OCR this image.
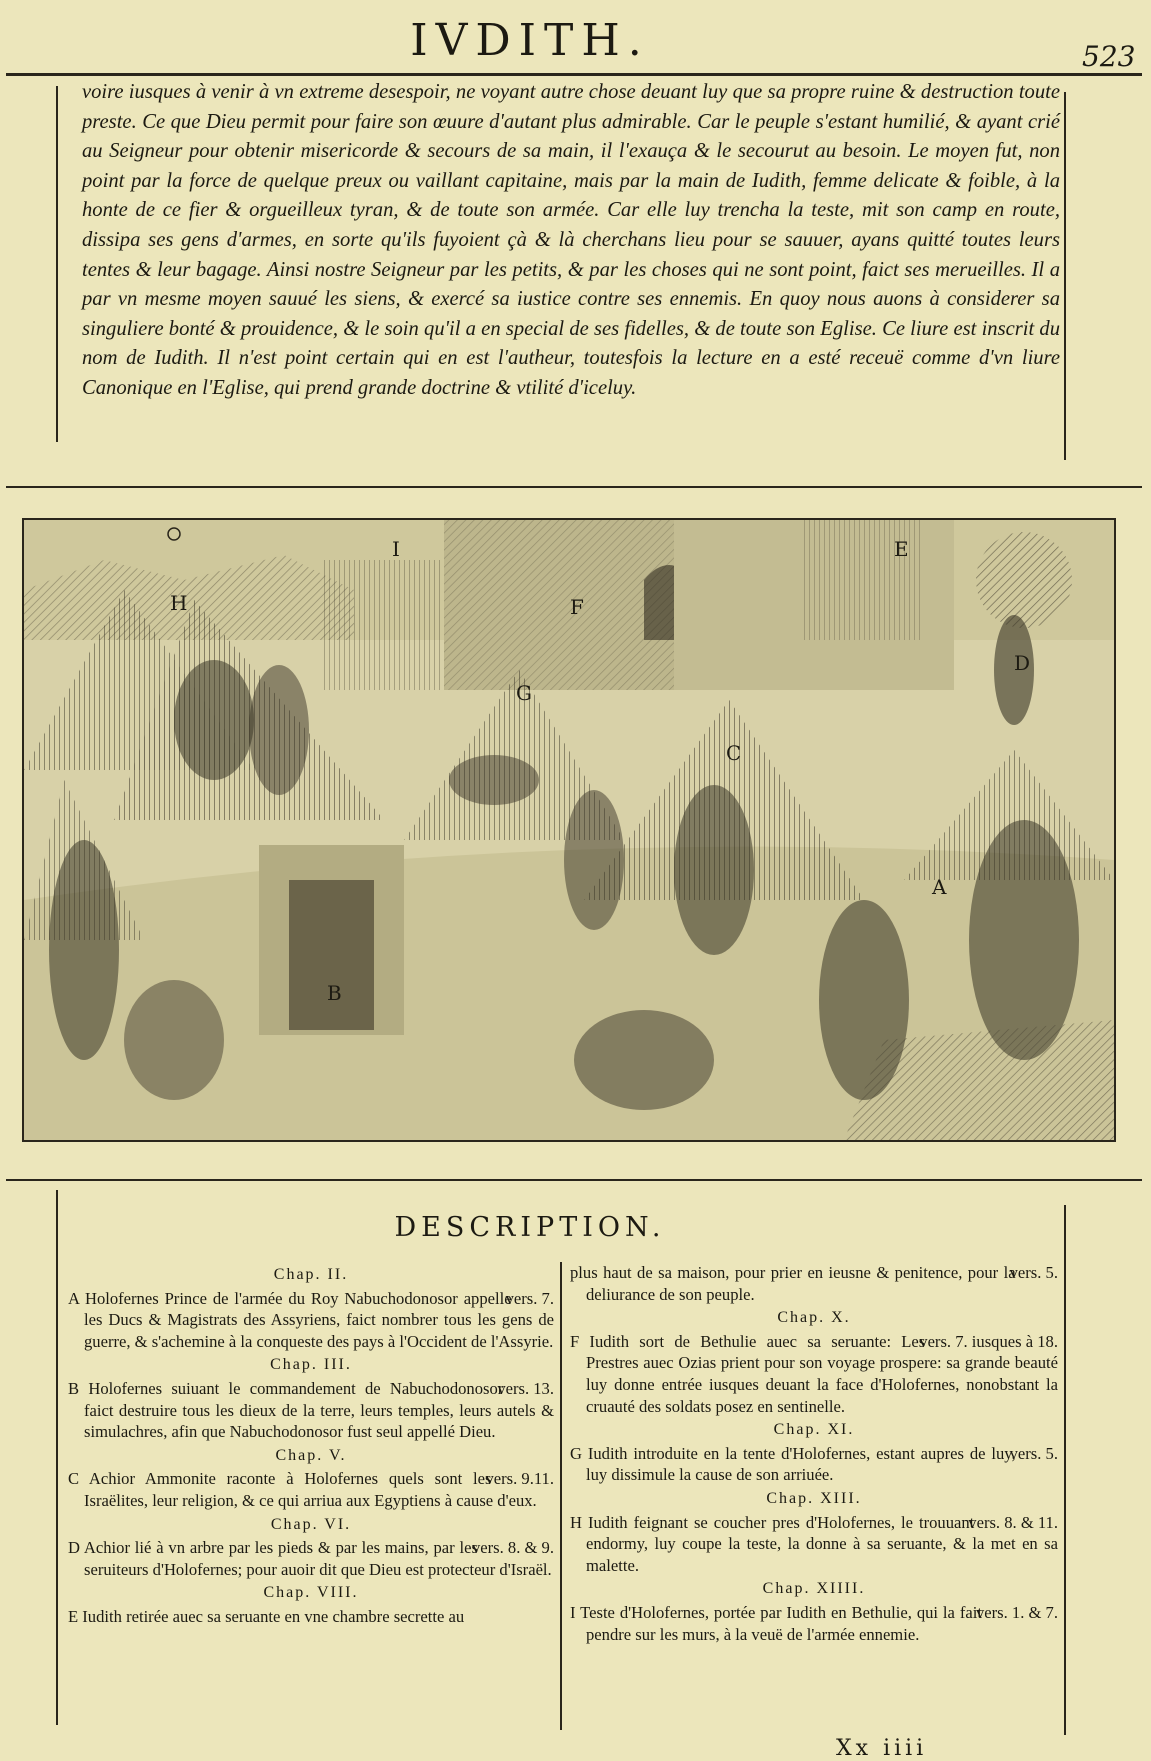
IVDITH.	523

voire iusques à venir à vn extreme desespoir, ne voyant autre chose deuant luy que sa propre ruine & destruction toute preste. Ce que Dieu permit pour faire son œuure d'autant plus admirable. Car le peuple s'estant humilié, & ayant crié au Seigneur pour obtenir misericorde & secours de sa main, il l'exauça & le secourut au besoin. Le moyen fut, non point par la force de quelque preux ou vaillant capitaine, mais par la main de Iudith, femme delicate & foible, à la honte de ce fier & orgueilleux tyran, & de toute son armée. Car elle luy trencha la teste, mit son camp en route, dissipa ses gens d'armes, en sorte qu'ils fuyoient çà & là cherchans lieu pour se sauuer, ayans quitté toutes leurs tentes & leur bagage. Ainsi nostre Seigneur par les petits, & par les choses qui ne sont point, faict ses merueilles. Il a par vn mesme moyen sauué les siens, & exercé sa iustice contre ses ennemis. En quoy nous auons à considerer sa singuliere bonté & prouidence, & le soin qu'il a en special de ses fidelles, & de toute son Eglise. Ce liure est inscrit du nom de Iudith. Il n'est point certain qui en est l'autheur, toutesfois la lecture en a esté receuë comme d'vn liure Canonique en l'Eglise, qui prend grande doctrine & vtilité d'iceluy.

A
B
C
D
E
F
G
H
I
DESCRIPTION.
Chap. II.

vers. 7.
A Holofernes Prince de l'armée du Roy Nabuchodonosor appelle les Ducs & Magistrats des Assyriens, faict nombrer tous les gens de guerre, & s'achemine à la conqueste des pays à l'Occident de l'Assyrie.

Chap. III.

vers. 13.
B Holofernes suiuant le commandement de Nabuchodonosor faict destruire tous les dieux de la terre, leurs temples, leurs autels & simulachres, afin que Nabuchodonosor fust seul appellé Dieu.

Chap. V.

vers. 9.11.
C Achior Ammonite raconte à Holofernes quels sont les Israëlites, leur religion, & ce qui arriua aux Egyptiens à cause d'eux.

Chap. VI.

vers. 8. & 9.
D Achior lié à vn arbre par les pieds & par les mains, par les seruiteurs d'Holofernes; pour auoir dit que Dieu est protecteur d'Israël.

Chap. VIII.

E Iudith retirée auec sa seruante en vne chambre secrette au

vers. 5.
plus haut de sa maison, pour prier en ieusne & penitence, pour la deliurance de son peuple.

Chap. X.

vers. 7. iusques à 18.
F Iudith sort de Bethulie auec sa seruante: Les Prestres auec Ozias prient pour son voyage prospere: sa grande beauté luy donne entrée iusques deuant la face d'Holofernes, nonobstant la cruauté des soldats posez en sentinelle.

Chap. XI.

vers. 5.
G Iudith introduite en la tente d'Holofernes, estant aupres de luy, luy dissimule la cause de son arriuée.

Chap. XIII.

vers. 8. & 11.
H Iudith feignant se coucher pres d'Holofernes, le trouuant endormy, luy coupe la teste, la donne à sa seruante, & la met en sa malette.

Chap. XIIII.

vers. 1. & 7.
I Teste d'Holofernes, portée par Iudith en Bethulie, qui la fait pendre sur les murs, à la veuë de l'armée ennemie.

Xx iiii
